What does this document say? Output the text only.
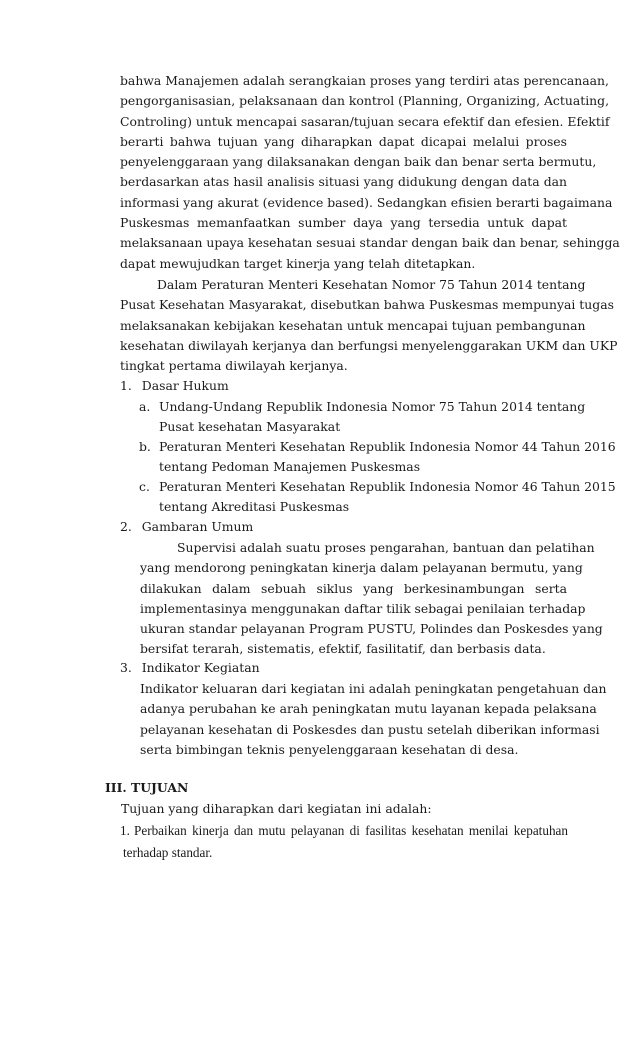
bahwa Manajemen adalah serangkaian proses yang terdiri atas perencanaan,
pengorganisasian, pelaksanaan dan kontrol (Planning, Organizing, Actuating,
Controling) untuk mencapai sasaran/tujuan secara efektif dan efesien. Efektif
berarti bahwa tujuan yang diharapkan dapat dicapai melalui proses
penyelenggaraan yang dilaksanakan dengan baik dan benar serta bermutu,
berdasarkan atas hasil analisis situasi yang didukung dengan data dan
informasi yang akurat (evidence based). Sedangkan efisien berarti bagaimana
Puskesmas memanfaatkan sumber daya yang tersedia untuk dapat
melaksanaan upaya kesehatan sesuai standar dengan baik dan benar, sehingga
dapat mewujudkan target kinerja yang telah ditetapkan.
Dalam Peraturan Menteri Kesehatan Nomor 75 Tahun 2014 tentang
Pusat Kesehatan Masyarakat, disebutkan bahwa Puskesmas mempunyai tugas
melaksanakan kebijakan kesehatan untuk mencapai tujuan pembangunan
kesehatan diwilayah kerjanya dan berfungsi menyelenggarakan UKM dan UKP
tingkat pertama diwilayah kerjanya.
1. Dasar Hukum
a. Undang-Undang Republik Indonesia Nomor 75 Tahun 2014 tentang
Pusat kesehatan Masyarakat
b. Peraturan Menteri Kesehatan Republik Indonesia Nomor 44 Tahun 2016
tentang Pedoman Manajemen Puskesmas
c. Peraturan Menteri Kesehatan Republik Indonesia Nomor 46 Tahun 2015
tentang Akreditasi Puskesmas
2. Gambaran Umum
Supervisi adalah suatu proses pengarahan, bantuan dan pelatihan
yang mendorong peningkatan kinerja dalam pelayanan bermutu, yang
dilakukan dalam sebuah siklus yang berkesinambungan serta
implementasinya menggunakan daftar tilik sebagai penilaian terhadap
ukuran standar pelayanan Program PUSTU, Polindes dan Poskesdes yang
bersifat terarah, sistematis, efektif, fasilitatif, dan berbasis data.
3. Indikator Kegiatan
Indikator keluaran dari kegiatan ini adalah peningkatan pengetahuan dan
adanya perubahan ke arah peningkatan mutu layanan kepada pelaksana
pelayanan kesehatan di Poskesdes dan pustu setelah diberikan informasi
serta bimbingan teknis penyelenggaraan kesehatan di desa.
III. TUJUAN
Tujuan yang diharapkan dari kegiatan ini adalah:
1. Perbaikan kinerja dan mutu pelayanan di fasilitas kesehatan menilai kepatuhan
terhadap standar.
